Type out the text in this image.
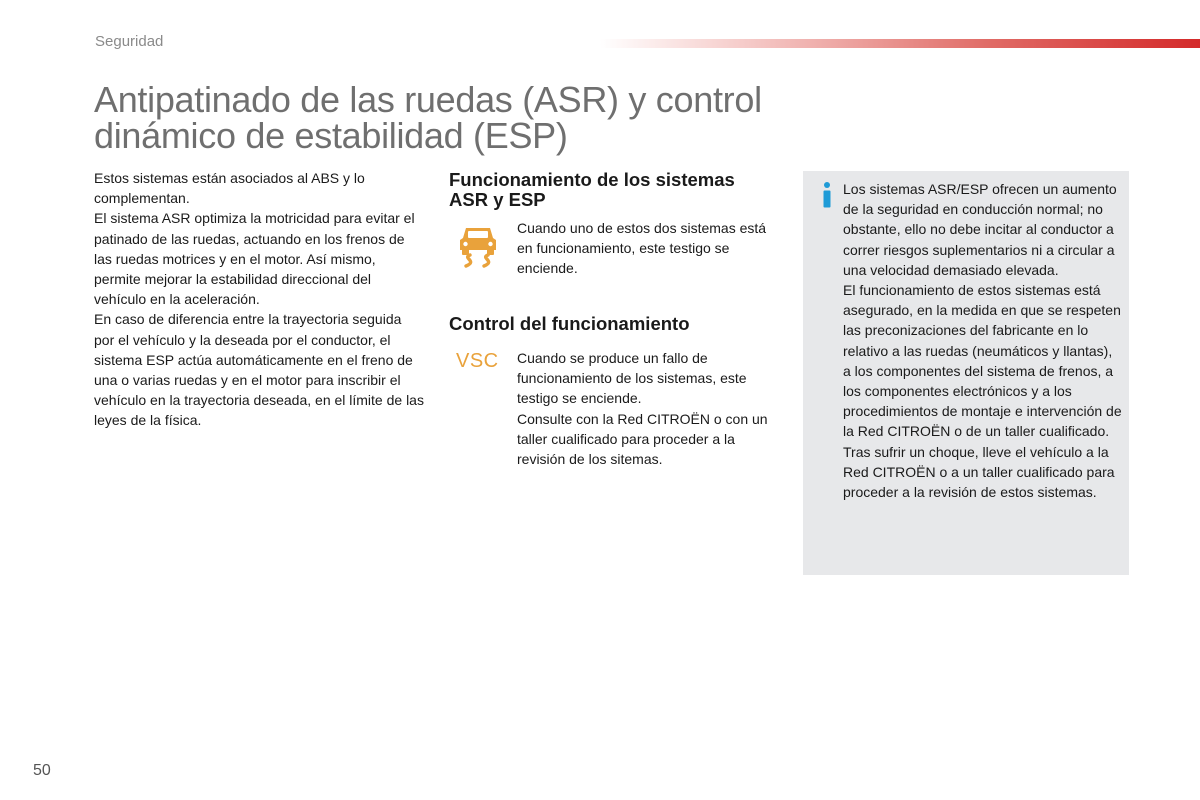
Seguridad
Antipatinado de las ruedas (ASR) y control
dinámico de estabilidad (ESP)

Estos sistemas están asociados al ABS y lo complementan.

El sistema ASR optimiza la motricidad para evitar el patinado de las ruedas, actuando en los frenos de las ruedas motrices y en el motor. Así mismo, permite mejorar la estabilidad direccional del vehículo en la aceleración.

En caso de diferencia entre la trayectoria seguida por el vehículo y la deseada por el conductor, el sistema ESP actúa automáticamente en el freno de una o varias ruedas y en el motor para inscribir el vehículo en la trayectoria deseada, en el límite de las leyes de la física.

Funcionamiento de los sistemas
ASR y ESP

Cuando uno de estos dos sistemas está en funcionamiento, este testigo se enciende.

Control del funcionamiento
VSC Cuando se produce un fallo de funcionamiento de los sistemas, este testigo se enciende.

Consulte con la Red CITROËN o con un taller cualificado para proceder a la revisión de los sitemas.

Los sistemas ASR/ESP ofrecen un aumento de la seguridad en conducción normal; no obstante, ello no debe incitar al conductor a correr riesgos suplementarios ni a circular a una velocidad demasiado elevada.

El funcionamiento de estos sistemas está asegurado, en la medida en que se respeten las preconizaciones del fabricante en lo relativo a las ruedas (neumáticos y llantas), a los componentes del sistema de frenos, a los componentes electrónicos y a los procedimientos de montaje e intervención de la Red CITROËN o de un taller cualificado.

Tras sufrir un choque, lleve el vehículo a la Red CITROËN o a un taller cualificado para proceder a la revisión de estos sistemas.

50
